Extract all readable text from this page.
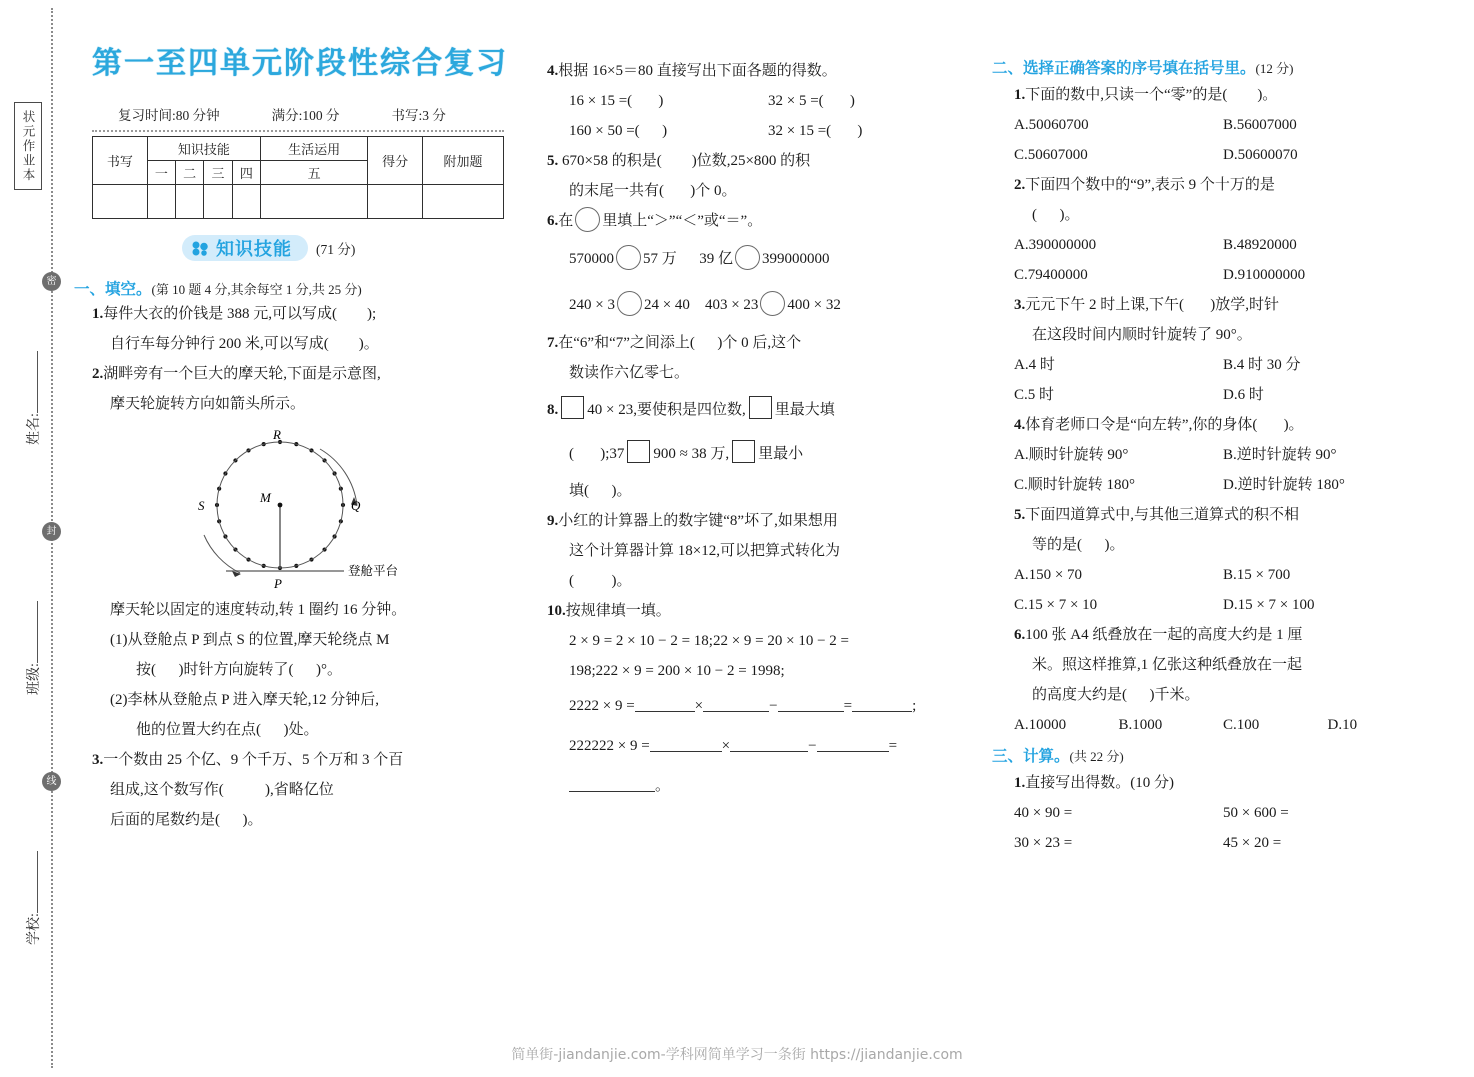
状元作业本
密
封
线
姓名:
班级:
学校:
第一至四单元阶段性综合复习
复习时间:80 分钟	满分:100 分	书写:3 分
书写	知识技能				生活运用	得分	附加题
	一	二	三	四	五		

知识技能 (71 分)
一、填空。(第 10 题 4 分,其余每空 1 分,共 25 分)
1.每件大衣的价钱是 388 元,可以写成( );
自行车每分钟行 200 米,可以写成( )。
2.湖畔旁有一个巨大的摩天轮,下面是示意图,
摩天轮旋转方向如箭头所示。
R
S
M
Q
P
登舱平台
摩天轮以固定的速度转动,转 1 圈约 16 分钟。
(1)从登舱点 P 到点 S 的位置,摩天轮绕点 M
按( )时针方向旋转了( )°。
(2)李林从登舱点 P 进入摩天轮,12 分钟后,
他的位置大约在点( )处。
3.一个数由 25 个亿、9 个千万、5 个万和 3 个百
组成,这个数写作(	),省略亿位
后面的尾数约是( )。
4.根据 16×5＝80 直接写出下面各题的得数。
16 × 15 =(       )	32 × 5 =(       )
160 × 50 =(      )	32 × 15 =(       )
5. 670×58 的积是( )位数,25×800 的积
的末尾一共有( )个 0。
6.在 里填上“＞”“＜”或“＝”。
570000 57 万 39 亿 399000000
240 × 3 24 × 40 403 × 23 400 × 32
7.在“6”和“7”之间添上( )个 0 后,这个
数读作六亿零七。
8. 40 × 23,要使积是四位数, 里最大填
( );37 900 ≈ 38 万, 里最小
填( )。
9.小红的计算器上的数字键“8”坏了,如果想用
这个计算器计算 18×12,可以把算式转化为
(	)。
10.按规律填一填。
2 × 9 = 2 × 10 − 2 = 18;22 × 9 = 20 × 10 − 2 =
198;222 × 9 = 200 × 10 − 2 = 1998;
2222 × 9 =	×	−	=	;
222222 × 9 =	×	−	=
。
二、选择正确答案的序号填在括号里。(12 分)
1.下面的数中,只读一个“零”的是( )。
A.50060700	B.56007000
C.50607000	D.50600070
2.下面四个数中的“9”,表示 9 个十万的是
( )。
A.390000000	B.48920000
C.79400000	D.910000000
3.元元下午 2 时上课,下午( )放学,时针
在这段时间内顺时针旋转了 90°。
A.4 时	B.4 时 30 分
C.5 时	D.6 时
4.体育老师口令是“向左转”,你的身体( )。
A.顺时针旋转 90°	B.逆时针旋转 90°
C.顺时针旋转 180°	D.逆时针旋转 180°
5.下面四道算式中,与其他三道算式的积不相
等的是( )。
A.150 × 70	B.15 × 700
C.15 × 7 × 10	D.15 × 7 × 100
6.100 张 A4 纸叠放在一起的高度大约是 1 厘
米。照这样推算,1 亿张这种纸叠放在一起
的高度大约是( )千米。
A.10000	B.1000	C.100	D.10
三、计算。(共 22 分)
1.直接写出得数。(10 分)
40 × 90 =	50 × 600 =
30 × 23 =	45 × 20 =
简单街-jiandanjie.com-学科网简单学习一条街 https://jiandanjie.com
